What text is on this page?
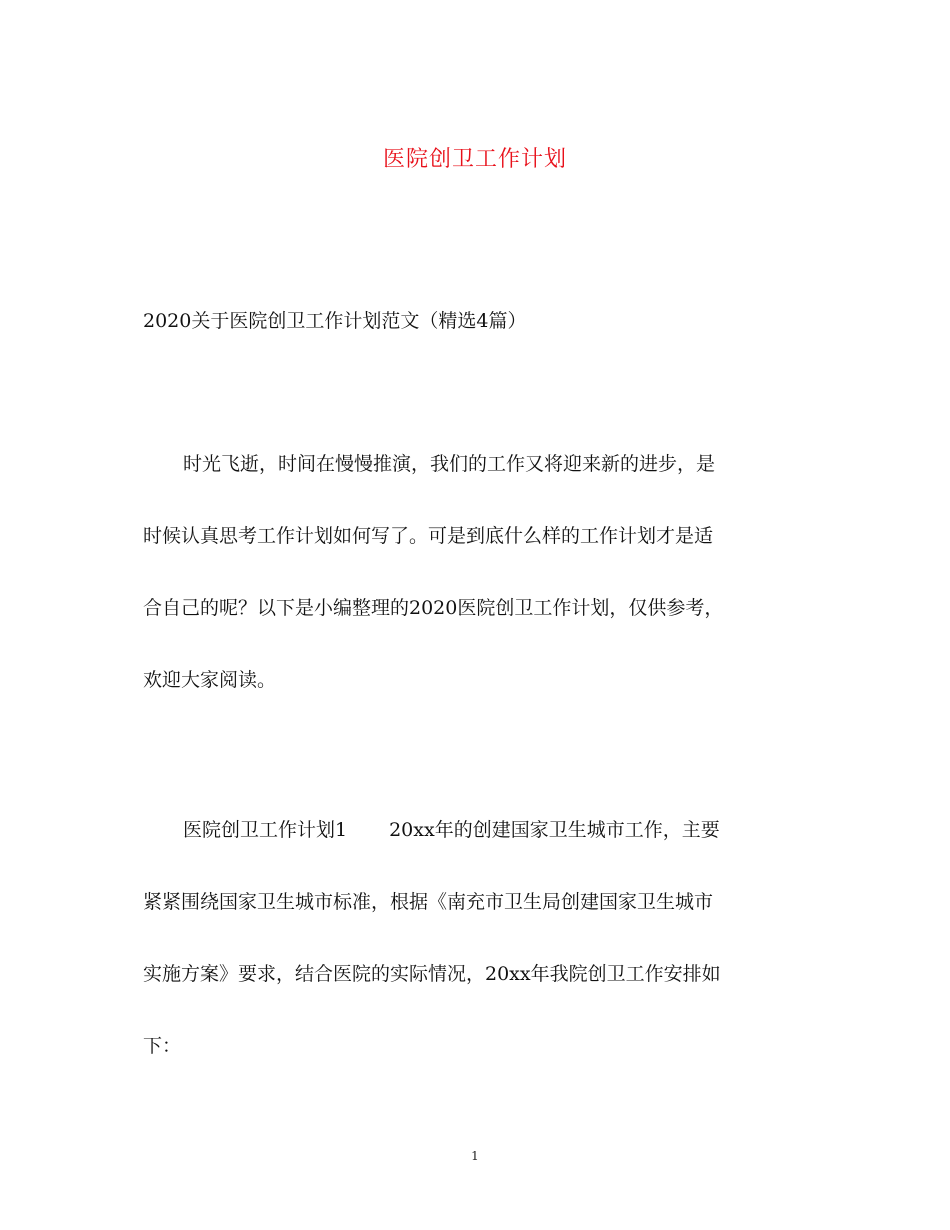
医院创卫工作计划
2020关于医院创卫工作计划范文（精选4篇）
时光飞逝，时间在慢慢推演，我们的工作又将迎来新的进步，是
时候认真思考工作计划如何写了。可是到底什么样的工作计划才是适
合自己的呢？以下是小编整理的2020医院创卫工作计划，仅供参考，
欢迎大家阅读。
医院创卫工作计划1 20xx年的创建国家卫生城市工作，主要
紧紧围绕国家卫生城市标准，根据《南充市卫生局创建国家卫生城市
实施方案》要求，结合医院的实际情况，20xx年我院创卫工作安排如
下：
1
